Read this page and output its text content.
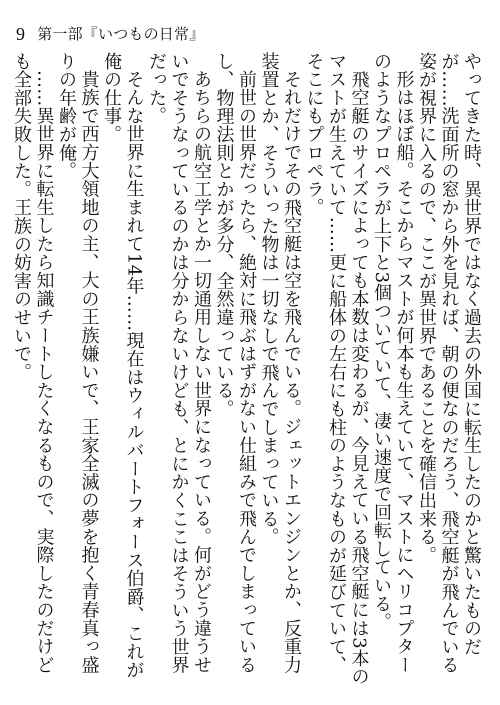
9 第一部『いつもの日常』

やってきた時、異世界ではなく過去の外国に転生したのかと驚いたものだが……洗面所の窓から外を見れば、朝の便なのだろう、飛空艇が飛んでいる姿が視界に入るので、ここが異世界であることを確信出来る。

形はほぼ船。そこからマストが何本も生えていて、マストにヘリコプターのようなプロペラが上下と3個ついていて、凄い速度で回転している。

飛空艇のサイズによっても本数は変わるが、今見えている飛空艇には3本のマストが生えていて……更に船体の左右にも柱のようなものが延びていて、そこにもプロペラ。

それだけでその飛空艇は空を飛んでいる。ジェットエンジンとか、反重力装置とか、そういった物は一切なしで飛んでしまっている。

前世の世界だったら、絶対に飛ぶはずがない仕組みで飛んでしまっているし、物理法則とかが多分、全然違っている。

あちらの航空工学とか一切通用しない世界になっている。何がどう違うせいでそうなっているのかは分からないけども、とにかくここはそういう世界だった。

そんな世界に生まれて14年……現在はウィルバートフォース伯爵、これが俺の仕事。

貴族で西方大領地の主、大の王族嫌いで、王家全滅の夢を抱く青春真っ盛りの年齢が俺。

……異世界に転生したら知識チートしたくなるもので、実際したのだけども全部失敗した。王族の妨害のせいで。
